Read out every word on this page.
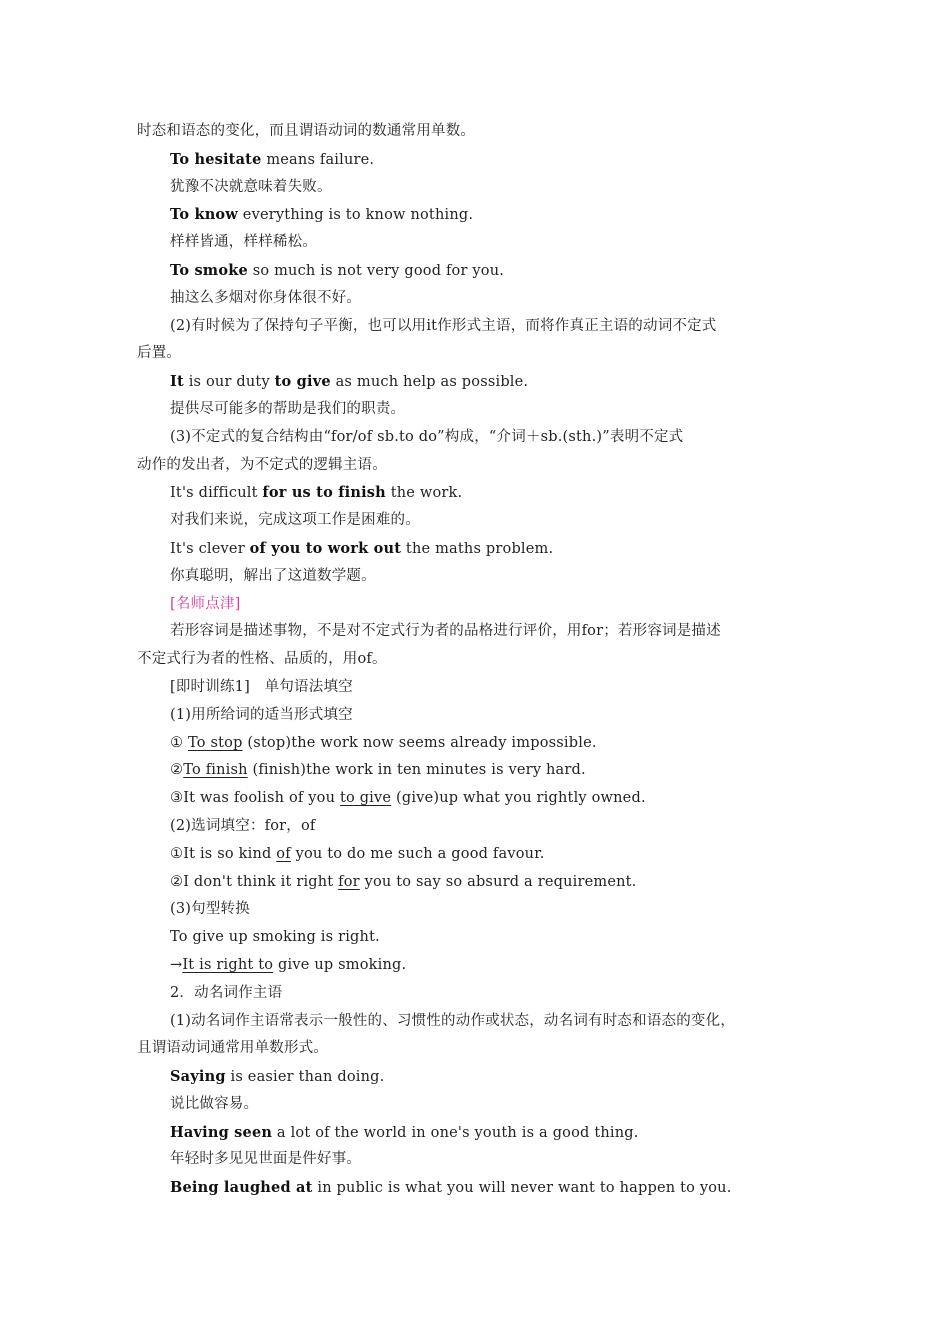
时态和语态的变化，而且谓语动词的数通常用单数。
To hesitate means failure.
犹豫不决就意味着失败。
To know everything is to know nothing.
样样皆通，样样稀松。
To smoke so much is not very good for you.
抽这么多烟对你身体很不好。
(2)有时候为了保持句子平衡，也可以用it作形式主语，而将作真正主语的动词不定式
后置。
It is our duty to give as much help as possible.
提供尽可能多的帮助是我们的职责。
(3)不定式的复合结构由“for/of sb.to do”构成，“介词＋sb.(sth.)”表明不定式
动作的发出者，为不定式的逻辑主语。
It's difficult for us to finish the work.
对我们来说，完成这项工作是困难的。
It's clever of you to work out the maths problem.
你真聪明，解出了这道数学题。
[名师点津]
若形容词是描述事物，不是对不定式行为者的品格进行评价，用for；若形容词是描述
不定式行为者的性格、品质的，用of。
[即时训练1]　单句语法填空
(1)用所给词的适当形式填空
① To stop (stop)the work now seems already impossible.
②To finish (finish)the work in ten minutes is very hard.
③It was foolish of you to give (give)up what you rightly owned.
(2)选词填空：for，of
①It is so kind of you to do me such a good favour.
②I don't think it right for you to say so absurd a requirement.
(3)句型转换
To give up smoking is right.
→It is right to give up smoking.
2．动名词作主语
(1)动名词作主语常表示一般性的、习惯性的动作或状态，动名词有时态和语态的变化，
且谓语动词通常用单数形式。
Saying is easier than doing.
说比做容易。
Having seen a lot of the world in one's youth is a good thing.
年轻时多见见世面是件好事。
Being laughed at in public is what you will never want to happen to you.
